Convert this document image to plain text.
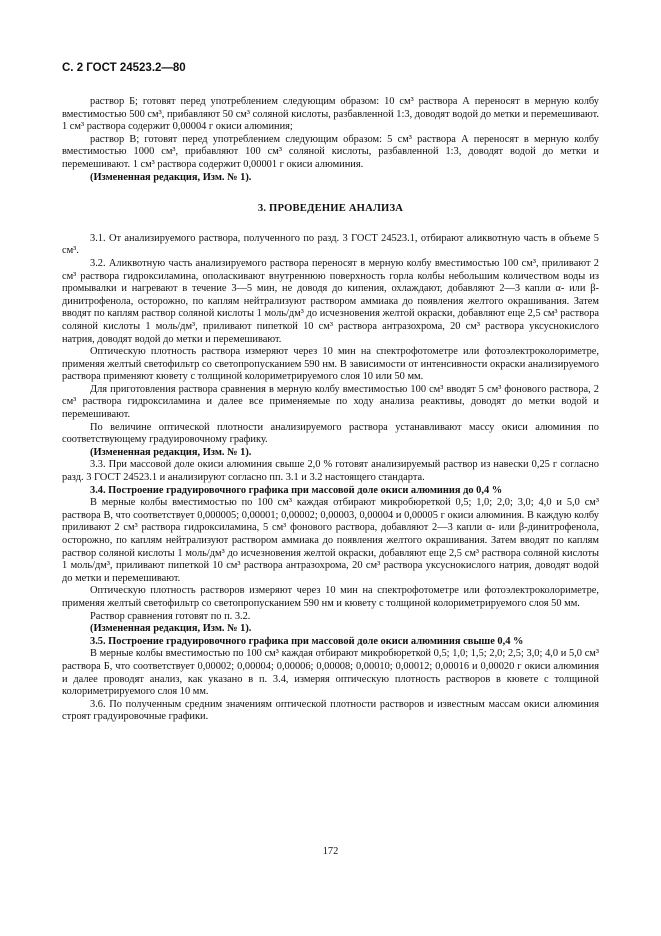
С. 2 ГОСТ 24523.2—80

раствор Б; готовят перед употреблением следующим образом: 10 см³ раствора А переносят в мерную колбу вместимостью 500 см³, прибавляют 50 см³ соляной кислоты, разбавленной 1:3, доводят водой до метки и перемешивают. 1 см³ раствора содержит 0,00004 г окиси алюминия;

раствор В; готовят перед употреблением следующим образом: 5 см³ раствора А переносят в мерную колбу вместимостью 1000 см³, прибавляют 100 см³ соляной кислоты, разбавленной 1:3, доводят водой до метки и перемешивают. 1 см³ раствора содержит 0,00001 г окиси алюминия.

(Измененная редакция, Изм. № 1).

3. ПРОВЕДЕНИЕ АНАЛИЗА

3.1. От анализируемого раствора, полученного по разд. 3 ГОСТ 24523.1, отбирают аликвотную часть в объеме 5 см³.

3.2. Аликвотную часть анализируемого раствора переносят в мерную колбу вместимостью 100 см³, приливают 2 см³ раствора гидроксиламина, ополаскивают внутреннюю поверхность горла колбы небольшим количеством воды из промывалки и нагревают в течение 3—5 мин, не доводя до кипения, охлаждают, добавляют 2—3 капли α- или β-динитрофенола, осторожно, по каплям нейтрализуют раствором аммиака до появления желтого окрашивания. Затем вводят по каплям раствор соляной кислоты 1 моль/дм³ до исчезновения желтой окраски, добавляют еще 2,5 см³ раствора соляной кислоты 1 моль/дм³, приливают пипеткой 10 см³ раствора антразохрома, 20 см³ раствора уксуснокислого натрия, доводят водой до метки и перемешивают.

Оптическую плотность раствора измеряют через 10 мин на спектрофотометре или фотоэлектроколориметре, применяя желтый светофильтр со светопропусканием 590 нм. В зависимости от интенсивности окраски анализируемого раствора применяют кювету с толщиной колориметрируемого слоя 10 или 50 мм.

Для приготовления раствора сравнения в мерную колбу вместимостью 100 см³ вводят 5 см³ фонового раствора, 2 см³ раствора гидроксиламина и далее все применяемые по ходу анализа реактивы, доводят до метки водой и перемешивают.

По величине оптической плотности анализируемого раствора устанавливают массу окиси алюминия по соответствующему градуировочному графику.

(Измененная редакция, Изм. № 1).

3.3. При массовой доле окиси алюминия свыше 2,0 % готовят анализируемый раствор из навески 0,25 г согласно разд. 3 ГОСТ 24523.1 и анализируют согласно пп. 3.1 и 3.2 настоящего стандарта.

3.4. Построение градуировочного графика при массовой доле окиси алюминия до 0,4 %

В мерные колбы вместимостью по 100 см³ каждая отбирают микробюреткой 0,5; 1,0; 2,0; 3,0; 4,0 и 5,0 см³ раствора В, что соответствует 0,000005; 0,00001; 0,00002; 0,00003, 0,00004 и 0,00005 г окиси алюминия. В каждую колбу приливают 2 см³ раствора гидроксиламина, 5 см³ фонового раствора, добавляют 2—3 капли α- или β-динитрофенола, осторожно, по каплям нейтрализуют раствором аммиака до появления желтого окрашивания. Затем вводят по каплям раствор соляной кислоты 1 моль/дм³ до исчезновения желтой окраски, добавляют еще 2,5 см³ раствора соляной кислоты 1 моль/дм³, приливают пипеткой 10 см³ раствора антразохрома, 20 см³ раствора уксуснокислого натрия, доводят водой до метки и перемешивают.

Оптическую плотность растворов измеряют через 10 мин на спектрофотометре или фотоэлектроколориметре, применяя желтый светофильтр со светопропусканием 590 нм и кювету с толщиной колориметрируемого слоя 50 мм.

Раствор сравнения готовят по п. 3.2.

(Измененная редакция, Изм. № 1).

3.5. Построение градуировочного графика при массовой доле окиси алюминия свыше 0,4 %

В мерные колбы вместимостью по 100 см³ каждая отбирают микробюреткой 0,5; 1,0; 1,5; 2,0; 2,5; 3,0; 4,0 и 5,0 см³ раствора Б, что соответствует 0,00002; 0,00004; 0,00006; 0,00008; 0,00010; 0,00012; 0,00016 и 0,00020 г окиси алюминия и далее проводят анализ, как указано в п. 3.4, измеряя оптическую плотность растворов в кювете с толщиной колориметрируемого слоя 10 мм.

3.6. По полученным средним значениям оптической плотности растворов и известным массам окиси алюминия строят градуировочные графики.

172
